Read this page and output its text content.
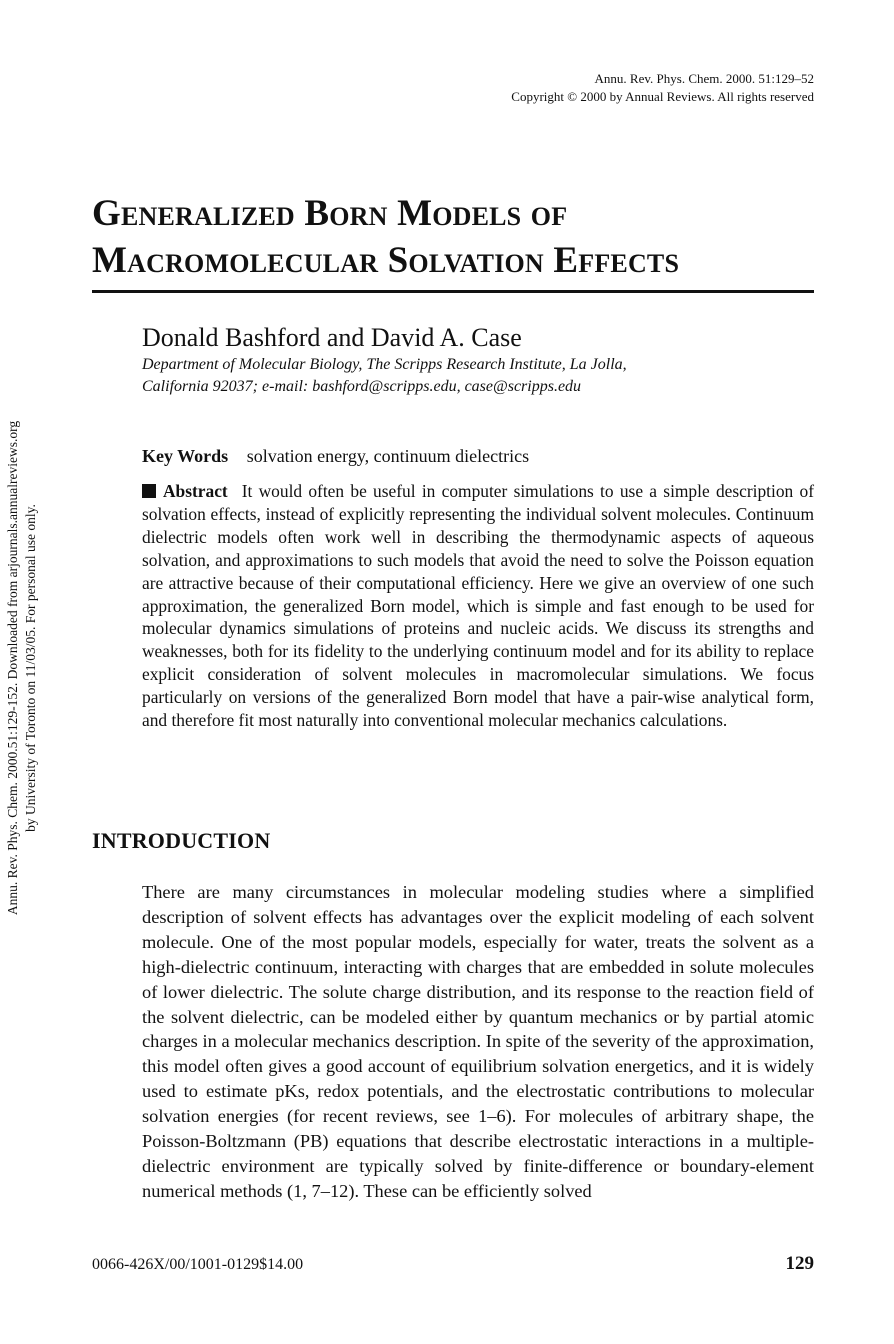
Annu. Rev. Phys. Chem. 2000. 51:129–52
Copyright © 2000 by Annual Reviews. All rights reserved
Annu. Rev. Phys. Chem. 2000.51:129-152. Downloaded from arjournals.annualreviews.org by University of Toronto on 11/03/05. For personal use only.
Generalized Born Models of
Macromolecular Solvation Effects
Donald Bashford and David A. Case
Department of Molecular Biology, The Scripps Research Institute, La Jolla,
California 92037; e-mail: bashford@scripps.edu, case@scripps.edu
Key Words solvation energy, continuum dielectrics
Abstract It would often be useful in computer simulations to use a simple description of solvation effects, instead of explicitly representing the individual solvent molecules. Continuum dielectric models often work well in describing the thermodynamic aspects of aqueous solvation, and approximations to such models that avoid the need to solve the Poisson equation are attractive because of their computational efficiency. Here we give an overview of one such approximation, the generalized Born model, which is simple and fast enough to be used for molecular dynamics simulations of proteins and nucleic acids. We discuss its strengths and weaknesses, both for its fidelity to the underlying continuum model and for its ability to replace explicit consideration of solvent molecules in macromolecular simulations. We focus particularly on versions of the generalized Born model that have a pair-wise analytical form, and therefore fit most naturally into conventional molecular mechanics calculations.
INTRODUCTION

There are many circumstances in molecular modeling studies where a simplified description of solvent effects has advantages over the explicit modeling of each solvent molecule. One of the most popular models, especially for water, treats the solvent as a high-dielectric continuum, interacting with charges that are embedded in solute molecules of lower dielectric. The solute charge distribution, and its response to the reaction field of the solvent dielectric, can be modeled either by quantum mechanics or by partial atomic charges in a molecular mechanics description. In spite of the severity of the approximation, this model often gives a good account of equilibrium solvation energetics, and it is widely used to estimate pKs, redox potentials, and the electrostatic contributions to molecular solvation energies (for recent reviews, see 1–6). For molecules of arbitrary shape, the Poisson-Boltzmann (PB) equations that describe electrostatic interactions in a multiple-dielectric environment are typically solved by finite-difference or boundary-element numerical methods (1, 7–12). These can be efficiently solved

0066-426X/00/1001-0129$14.00	129
